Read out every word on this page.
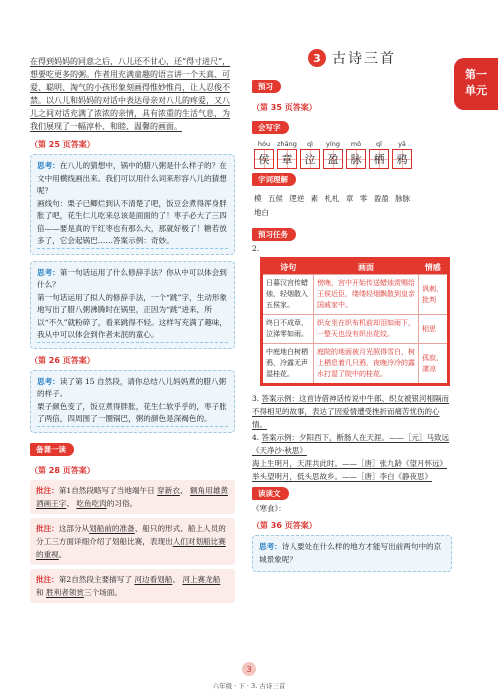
在得到妈妈的同意之后，八儿还不甘心，还“得寸进尺”，想要吃更多的粥。作者用充满童趣的语言讲一个天真、可爱、聪明、淘气的小孩形象刻画得惟妙惟肖，让人忍俊不禁。以八儿和妈妈的对话中表达母亲对八儿的疼爱，又八儿之间对话充满了浓浓的亲情，具有浓重的生活气息，为我们展现了一幅淳朴、和睦、温馨的画面。
（第 25 页答案）
思考：在八儿的猜想中，锅中的腊八粥是什么样子的？在文中用横线画出来。我们可以用什么词来形容八儿的猜想呢？
画线句：栗子已鲫烂到认不清楚了吧，饭豆会煮得浑身胖胀了吧，花生仁儿吃来总该是面面的了！枣子必大了三四倍——要是真的干红枣也有那么大，那就好极了！糖若放多了，它会起锅巴……答案示例：奇妙。
思考：第一句话运用了什么修辞手法？你从中可以体会到什么？
第一句话运用了拟人的修辞手法，一个“跳”字，生动形象地写出了腊八粥沸腾时在锅里，正因为“跳”进来，所以“不久”就粉碎了，看来跳得不轻。这样写充满了趣味，我从中可以体会到作者未泯的童心。
（第 26 页答案）
思考：读了第 15 自然段，请你总结八儿妈妈煮的腊八粥的样子。
栗子颜色变了，饭豆煮得胖胀，花生仁软乎乎的，枣子胀了两倍，四周围了一圈锅巴，粥的颜色是深褐色的。
备课一读
（第 28 页答案）
批注：第1自然段略写了当地端午日 穿新衣、 额角用雄黄酒画王字、 吃鱼吃肉的习俗。
批注：这部分从划船前的准备、船只的形式、船上人员的分工三方面详细介绍了划船比赛，表现出人们对划船比赛的重视。
批注：第2自然段主要描写了 河边看划船、 河上赛龙船 和 胜利者领赏三个场面。
第一
单元
3 古诗三首
预习
（第 35 页答案）
会写字
hóu	zhāng	qì	yíng	mō	qī	yā
侯	章	泣	盈	脉	栖	鸦
字词理解
模 五侯 逻逆 素 札札 章 零 盈盈 脉脉
地白
预习任务
2.
诗句	画面	情感
日暮汉宫传蜡烛，轻烟散入五侯家。	傍晚，宫中开始传送蜡烛赏赐给王侯近臣，缕缕轻烟飘散到皇亲国戚家中。	讽刺、批判
终日不成章，泣涕零如雨。	织女坐在织布机前却泪如雨下，一整天也没有织出花纹。	相思
中庭地白树栖鸦，冷露无声湿桂花。	庭院的地面被月光照得雪白，树上栖息着几只鸦，夜晚冷冷的露水打湿了院中的桂花。	孤寂、凄凉
3. 答案示例：这首诗借神话传说中牛郎、织女被银河相隔而不得相见的故事，表达了因爱情遭受挫折而痛苦忧伤的心情。
4. 答案示例：夕阳西下，断肠人在天涯。——［元］马致远《天净沙·秋思》
海上生明月，天涯共此时。——［唐］张九龄《望月怀远》
举头望明月，低头思故乡。——［唐］李白《静夜思》
读读文
《寒食》：
（第 36 页答案）
思考：诗人要处在什么样的地方才能写出前两句中的京城景象呢？
3
六年级 · 下 · 3. 古诗三首
